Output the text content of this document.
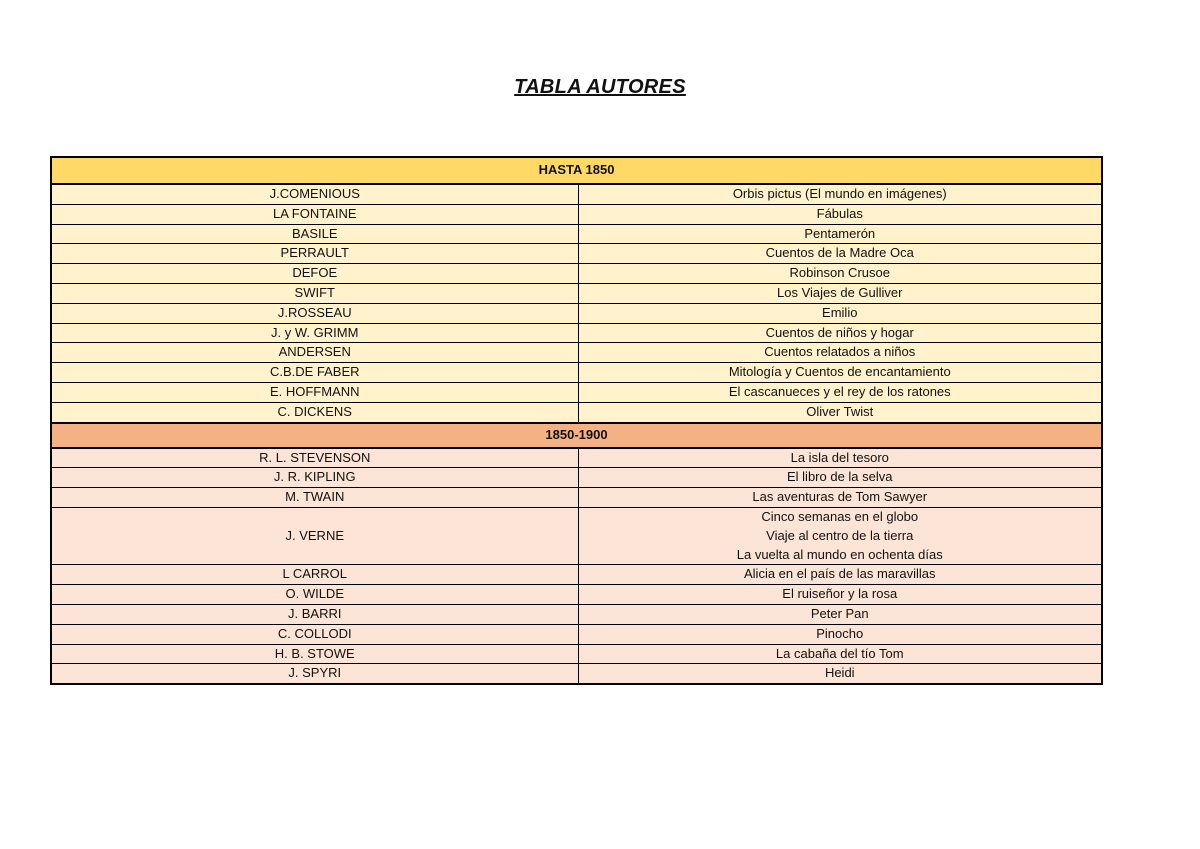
TABLA AUTORES
HASTA 1850	
J.COMENIOUS	Orbis pictus (El mundo en imágenes)

LA FONTAINE	Fábulas

BASILE	Pentamerón

PERRAULT	Cuentos de la Madre Oca

DEFOE	Robinson Crusoe

SWIFT	Los Viajes de Gulliver

J.ROSSEAU	Emilio

J. y W. GRIMM	Cuentos de niños y hogar

ANDERSEN	Cuentos relatados a niños

C.B.DE FABER	Mitología y Cuentos de encantamiento

E. HOFFMANN	El cascanueces y el rey de los ratones

C. DICKENS	Oliver Twist

1850-1900	
R. L. STEVENSON	La isla del tesoro

J. R. KIPLING	El libro de la selva

M. TWAIN	Las aventuras de Tom Sawyer

J. VERNE	Cinco semanas en el globo
Viaje al centro de la tierra
La vuelta al mundo en ochenta días

L CARROL	Alicia en el país de las maravillas

O. WILDE	El ruiseñor y la rosa

J. BARRI	Peter Pan

C. COLLODI	Pinocho

H. B. STOWE	La cabaña del tío Tom

J. SPYRI	Heidi
